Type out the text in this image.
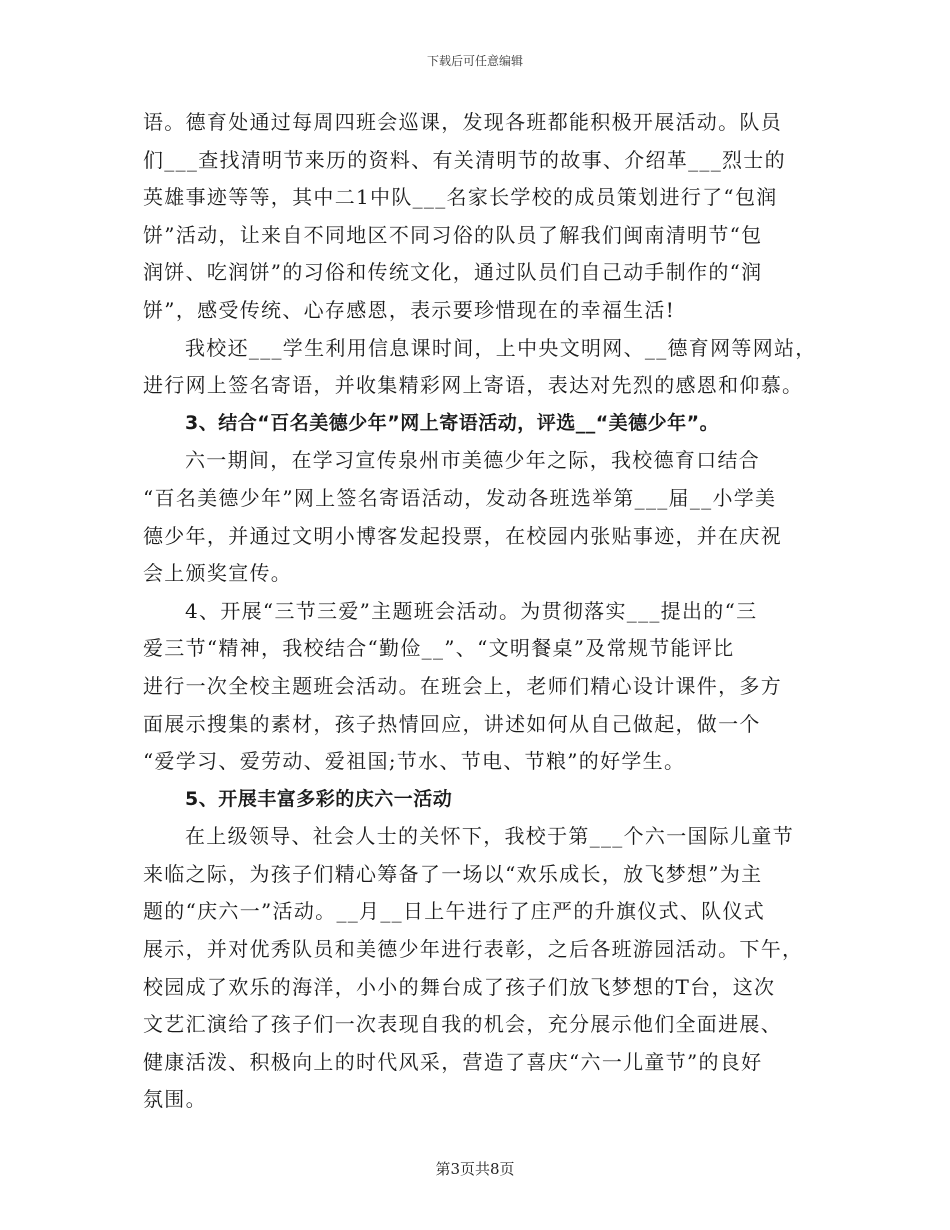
下载后可任意编辑
语。德育处通过每周四班会巡课，发现各班都能积极开展活动。队员
们___查找清明节来历的资料、有关清明节的故事、介绍革___烈士的
英雄事迹等等，其中二1中队___名家长学校的成员策划进行了“包润
饼”活动，让来自不同地区不同习俗的队员了解我们闽南清明节“包
润饼、吃润饼”的习俗和传统文化，通过队员们自己动手制作的“润
饼”，感受传统、心存感恩，表示要珍惜现在的幸福生活!
我校还___学生利用信息课时间，上中央文明网、__德育网等网站，
进行网上签名寄语，并收集精彩网上寄语，表达对先烈的感恩和仰慕。
3、结合“百名美德少年”网上寄语活动，评选__“美德少年”。
六一期间，在学习宣传泉州市美德少年之际，我校德育口结合
“百名美德少年”网上签名寄语活动，发动各班选举第___届__小学美
德少年，并通过文明小博客发起投票，在校园内张贴事迹，并在庆祝
会上颁奖宣传。
4、开展“三节三爱”主题班会活动。为贯彻落实___提出的“三
爱三节“精神，我校结合“勤俭__”、“文明餐桌”及常规节能评比
进行一次全校主题班会活动。在班会上，老师们精心设计课件，多方
面展示搜集的素材，孩子热情回应，讲述如何从自己做起，做一个
“爱学习、爱劳动、爱祖国;节水、节电、节粮”的好学生。
5、开展丰富多彩的庆六一活动
在上级领导、社会人士的关怀下，我校于第___个六一国际儿童节
来临之际，为孩子们精心筹备了一场以“欢乐成长，放飞梦想”为主
题的“庆六一”活动。__月__日上午进行了庄严的升旗仪式、队仪式
展示，并对优秀队员和美德少年进行表彰，之后各班游园活动。下午，
校园成了欢乐的海洋，小小的舞台成了孩子们放飞梦想的T台，这次
文艺汇演给了孩子们一次表现自我的机会，充分展示他们全面进展、
健康活泼、积极向上的时代风采，营造了喜庆“六一儿童节”的良好
氛围。
第3页共8页
